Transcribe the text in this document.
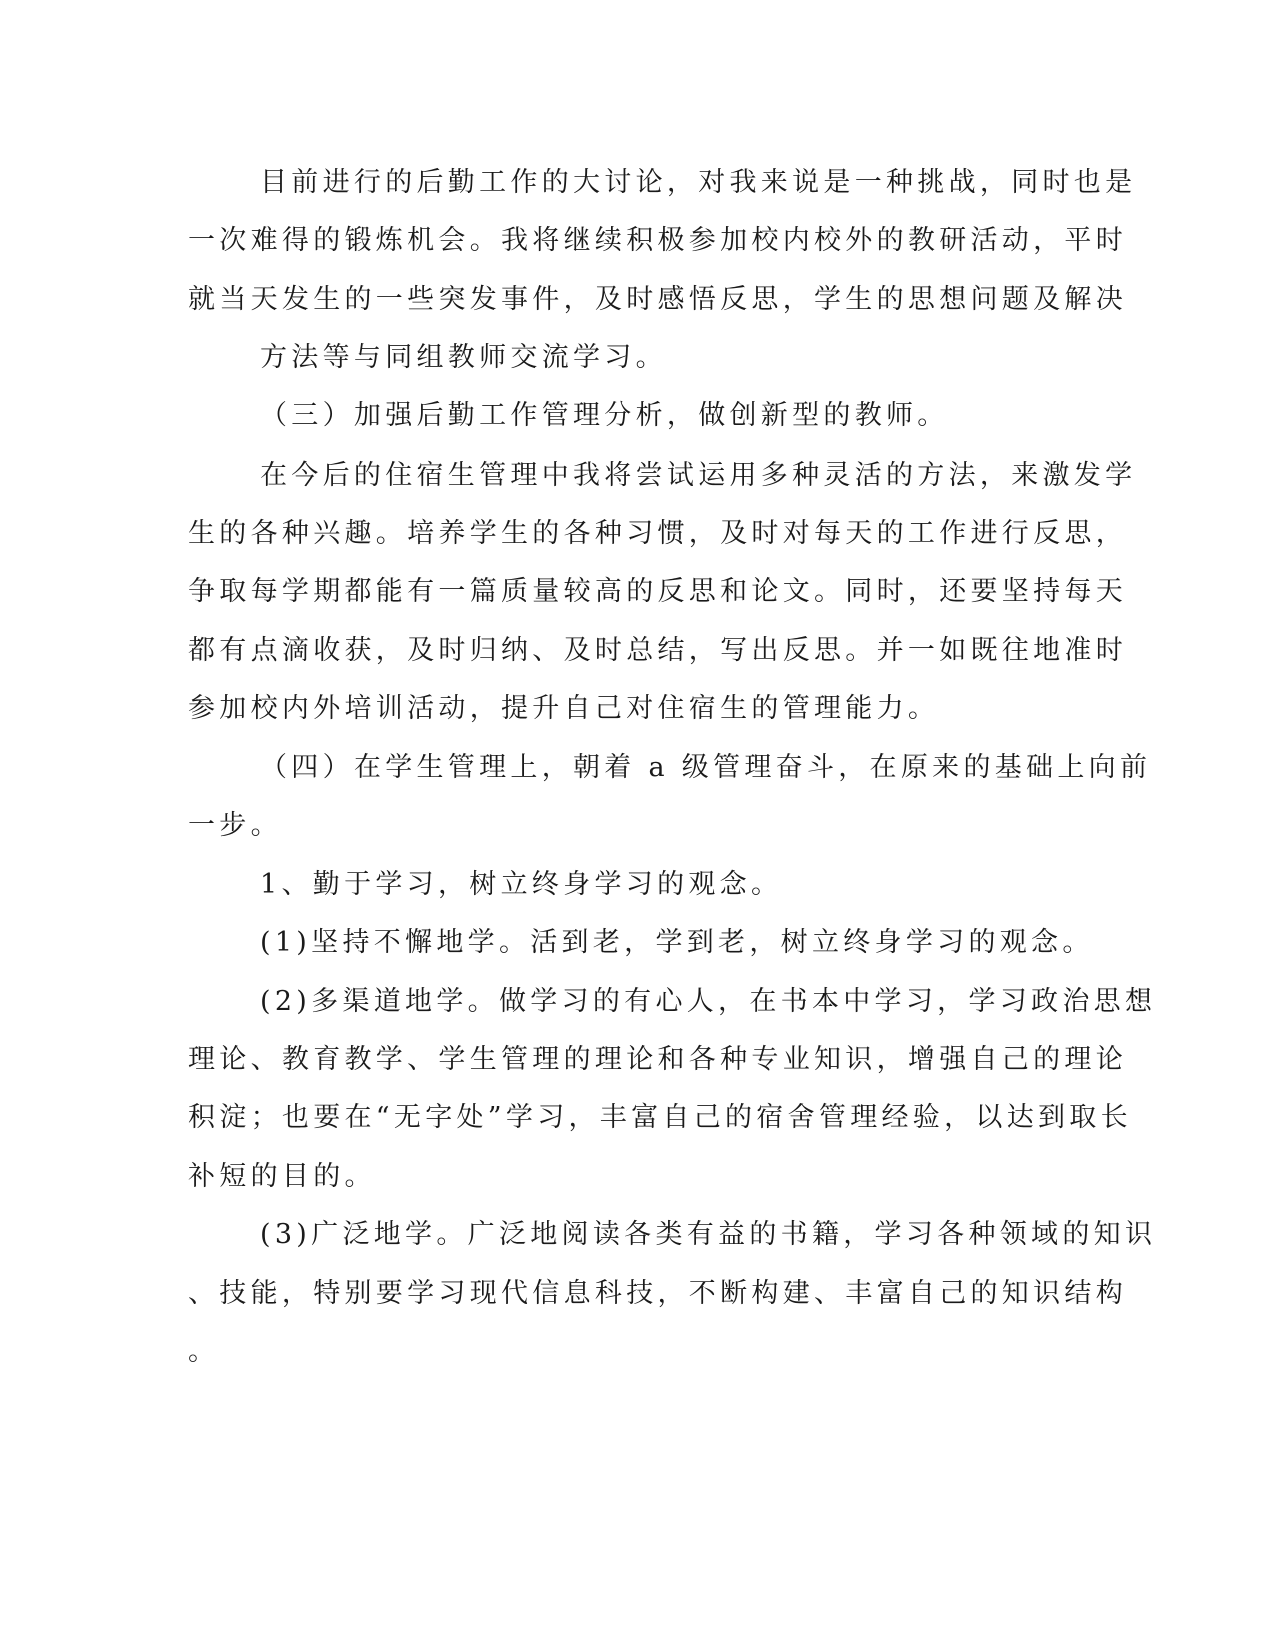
目前进行的后勤工作的大讨论，对我来说是一种挑战，同时也是
一次难得的锻炼机会。我将继续积极参加校内校外的教研活动，平时
就当天发生的一些突发事件，及时感悟反思，学生的思想问题及解决
方法等与同组教师交流学习。
（三）加强后勤工作管理分析，做创新型的教师。
在今后的住宿生管理中我将尝试运用多种灵活的方法，来激发学
生的各种兴趣。培养学生的各种习惯，及时对每天的工作进行反思，
争取每学期都能有一篇质量较高的反思和论文。同时，还要坚持每天
都有点滴收获，及时归纳、及时总结，写出反思。并一如既往地准时
参加校内外培训活动，提升自己对住宿生的管理能力。
（四）在学生管理上，朝着 a 级管理奋斗，在原来的基础上向前
一步。
1、勤于学习，树立终身学习的观念。
(1)坚持不懈地学。活到老，学到老，树立终身学习的观念。
(2)多渠道地学。做学习的有心人，在书本中学习，学习政治思想
理论、教育教学、学生管理的理论和各种专业知识，增强自己的理论
积淀；也要在“无字处”学习，丰富自己的宿舍管理经验，以达到取长
补短的目的。
(3)广泛地学。广泛地阅读各类有益的书籍，学习各种领域的知识
、技能，特别要学习现代信息科技，不断构建、丰富自己的知识结构
。
